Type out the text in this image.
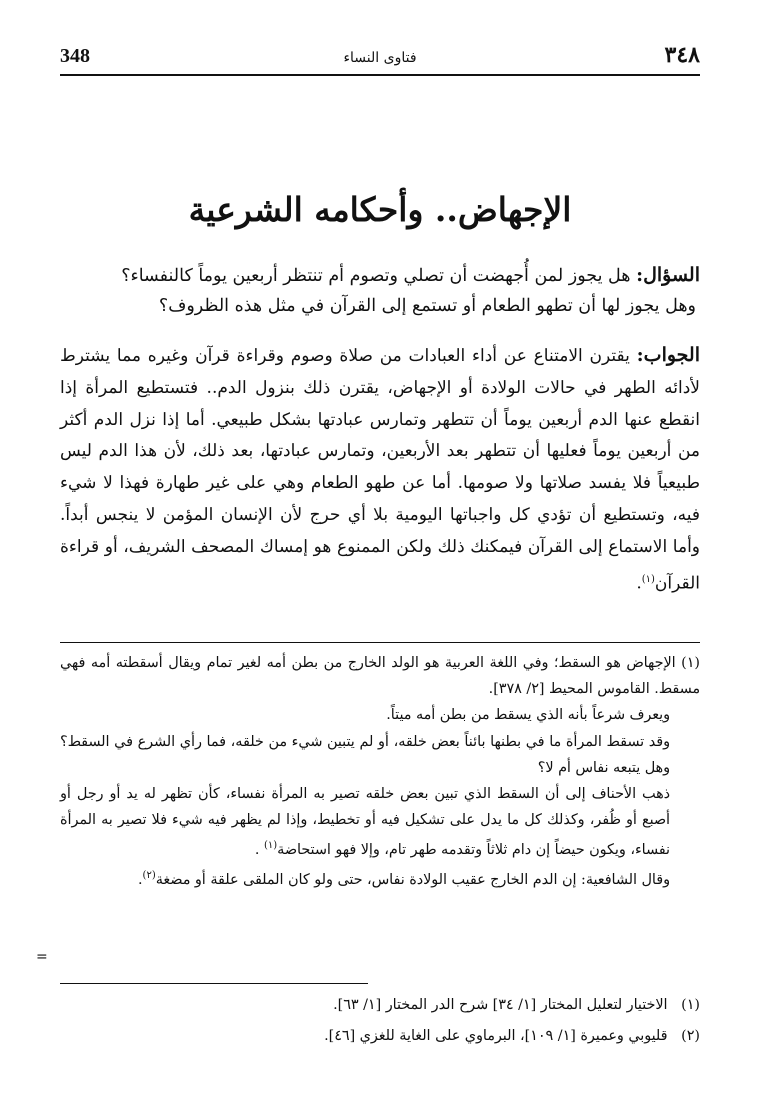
348	فتاوى النساء	٣٤٨
الإجهاض.. وأحكامه الشرعية
السؤال: هل يجوز لمن أُجهضت أن تصلي وتصوم أم تنتظر أربعين يوماً كالنفساء؟
وهل يجوز لها أن تطهو الطعام أو تستمع إلى القرآن في مثل هذه الظروف؟
الجواب: يقترن الامتناع عن أداء العبادات من صلاة وصوم وقراءة قرآن وغيره مما يشترط لأدائه الطهر في حالات الولادة أو الإجهاض، يقترن ذلك بنزول الدم.. فتستطيع المرأة إذا انقطع عنها الدم أربعين يوماً أن تتطهر وتمارس عبادتها بشكل طبيعي. أما إذا نزل الدم أكثر من أربعين يوماً فعليها أن تتطهر بعد الأربعين، وتمارس عبادتها، بعد ذلك، لأن هذا الدم ليس طبيعياً فلا يفسد صلاتها ولا صومها. أما عن طهو الطعام وهي على غير طهارة فهذا لا شيء فيه، وتستطيع أن تؤدي كل واجباتها اليومية بلا أي حرج لأن الإنسان المؤمن لا ينجس أبداً. وأما الاستماع إلى القرآن فيمكنك ذلك ولكن الممنوع هو إمساك المصحف الشريف، أو قراءة القرآن$^{(١)}$.
(١) الإجهاض هو السقط؛ وفي اللغة العربية هو الولد الخارج من بطن أمه لغير تمام ويقال أسقطته أمه فهي مسقط. القاموس المحيط [٢/ ٣٧٨].
ويعرف شرعاً بأنه الذي يسقط من بطن أمه ميتاً.
وقد تسقط المرأة ما في بطنها بائناً بعض خلقه، أو لم يتبين شيء من خلقه، فما رأي الشرع في السقط؟ وهل يتبعه نفاس أم لا؟
ذهب الأحناف إلى أن السقط الذي تبين بعض خلقه تصير به المرأة نفساء، كأن تظهر له يد أو رجل أو أصبع أو ظُفر، وكذلك كل ما يدل على تشكيل فيه أو تخطيط، وإذا لم يظهر فيه شيء فلا تصير به المرأة نفساء، ويكون حيضاً إن دام ثلاثاً وتقدمه طهر تام، وإلا فهو استحاضة$^{(١)}$ .
وقال الشافعية: إن الدم الخارج عقيب الولادة نفاس، حتى ولو كان الملقى علقة أو مضغة$^{(٢)}$.
=
(١)   الاختيار لتعليل المختار [١/ ٣٤] شرح الدر المختار [١/ ٦٣].
(٢)   قليوبي وعميرة [١/ ١٠٩]، البرماوي على الغاية للغزي [٤٦].
